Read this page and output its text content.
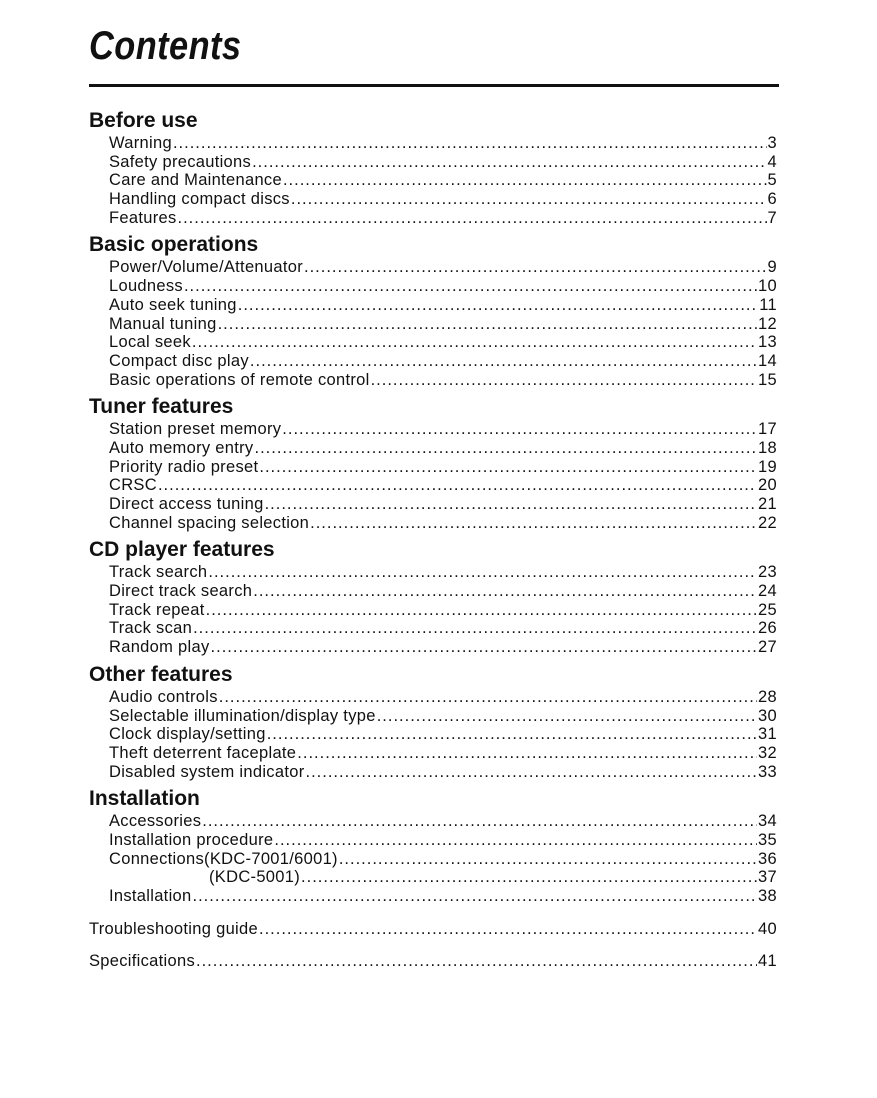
Contents
Before use
Warning .....	3
Safety precautions .....	4
Care and Maintenance .....	5
Handling compact discs .....	6
Features .....	7
Basic operations
Power/Volume/Attenuator .....	9
Loudness .....	10
Auto seek tuning .....	11
Manual tuning .....	12
Local seek .....	13
Compact disc play .....	14
Basic operations of remote control .....	15
Tuner features
Station preset memory .....	17
Auto memory entry .....	18
Priority radio preset .....	19
CRSC .....	20
Direct access tuning .....	21
Channel spacing selection .....	22
CD player features
Track search .....	23
Direct track search .....	24
Track repeat .....	25
Track scan .....	26
Random play .....	27
Other features
Audio controls .....	28
Selectable illumination/display type .....	30
Clock display/setting .....	31
Theft deterrent faceplate .....	32
Disabled system indicator .....	33
Installation
Accessories .....	34
Installation procedure .....	35
Connections(KDC-7001/6001) .....	36
(KDC-5001) .....	37
Installation .....	38
Troubleshooting guide .....	40
Specifications .....	41
